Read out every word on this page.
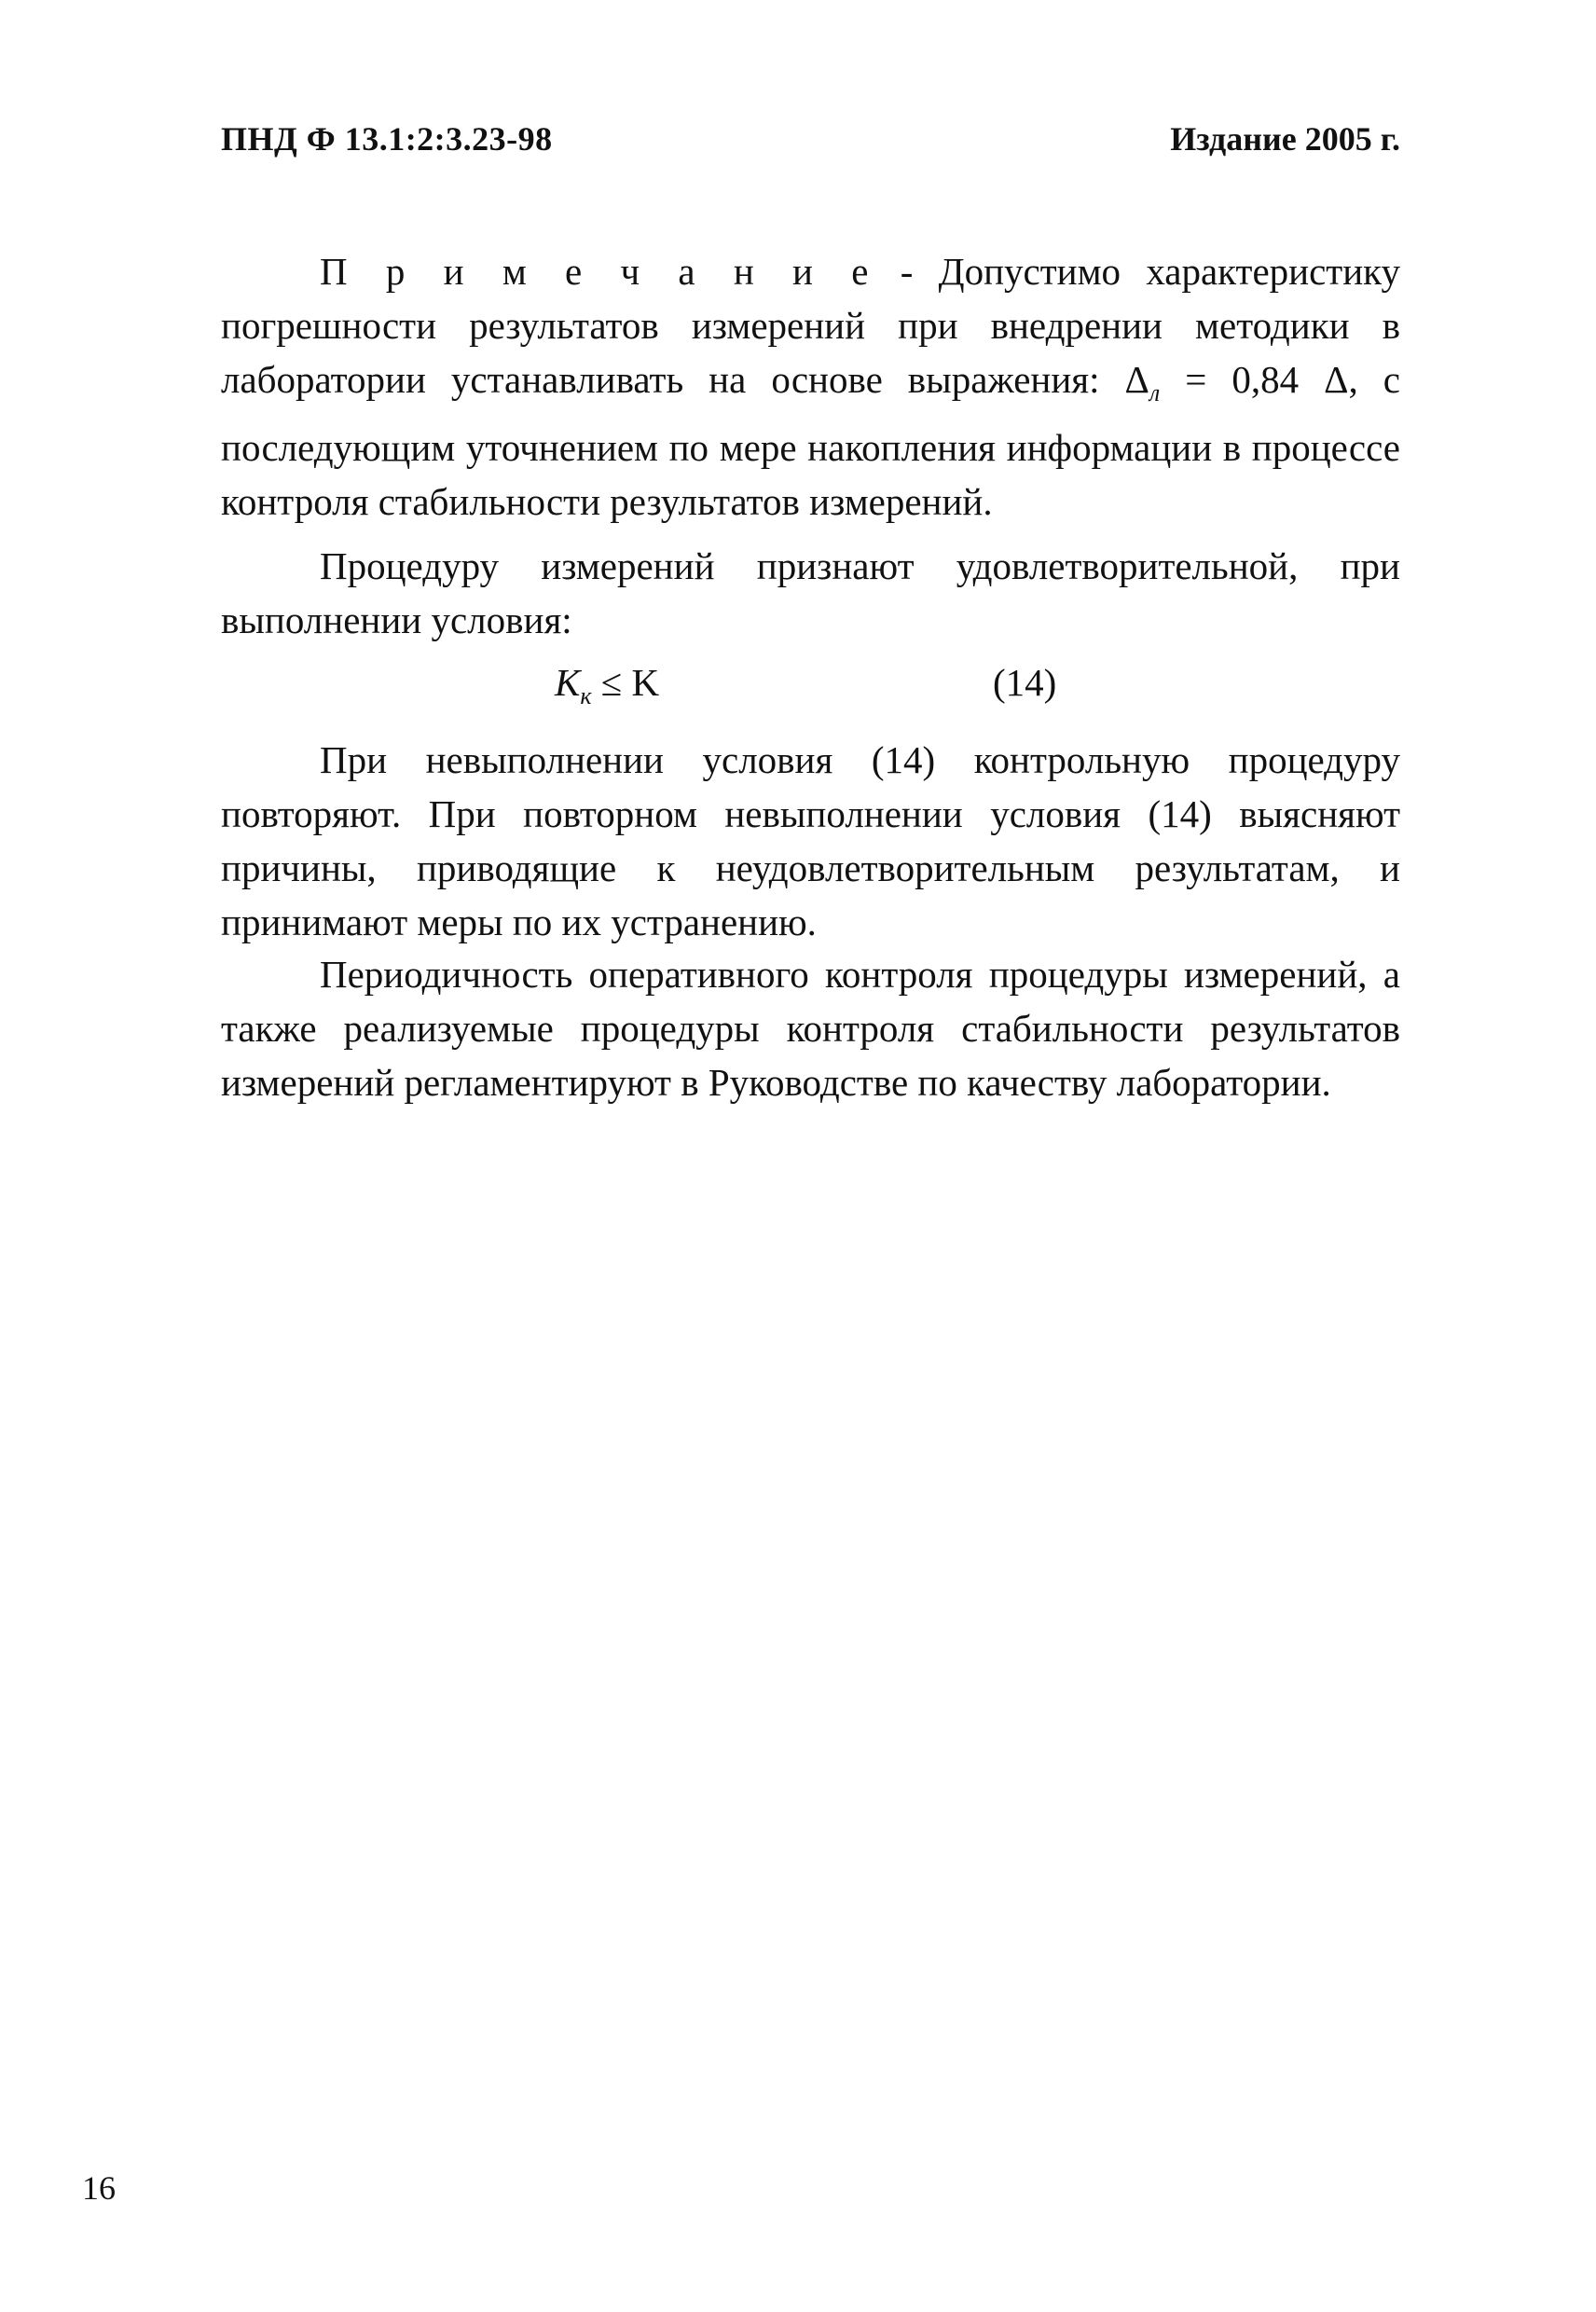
ПНД Ф 13.1:2:3.23-98	Издание 2005 г.

П р и м е ч а н и е - Допустимо характеристику погрешности результатов измерений при внедрении методики в лаборатории устанавливать на основе выражения: $\Delta_л = 0,84$ Δ, с последующим уточнением по мере накопления информации в процессе контроля стабильности результатов измерений.

Процедуру измерений признают удовлетворительной, при выполнении условия:

$K_к \le K$	(14)

При невыполнении условия (14) контрольную процедуру повторяют. При повторном невыполнении условия (14) выясняют причины, приводящие к неудовлетворительным результатам, и принимают меры по их устранению.

Периодичность оперативного контроля процедуры измерений, а также реализуемые процедуры контроля стабильности результатов измерений регламентируют в Руководстве по качеству лаборатории.

16
